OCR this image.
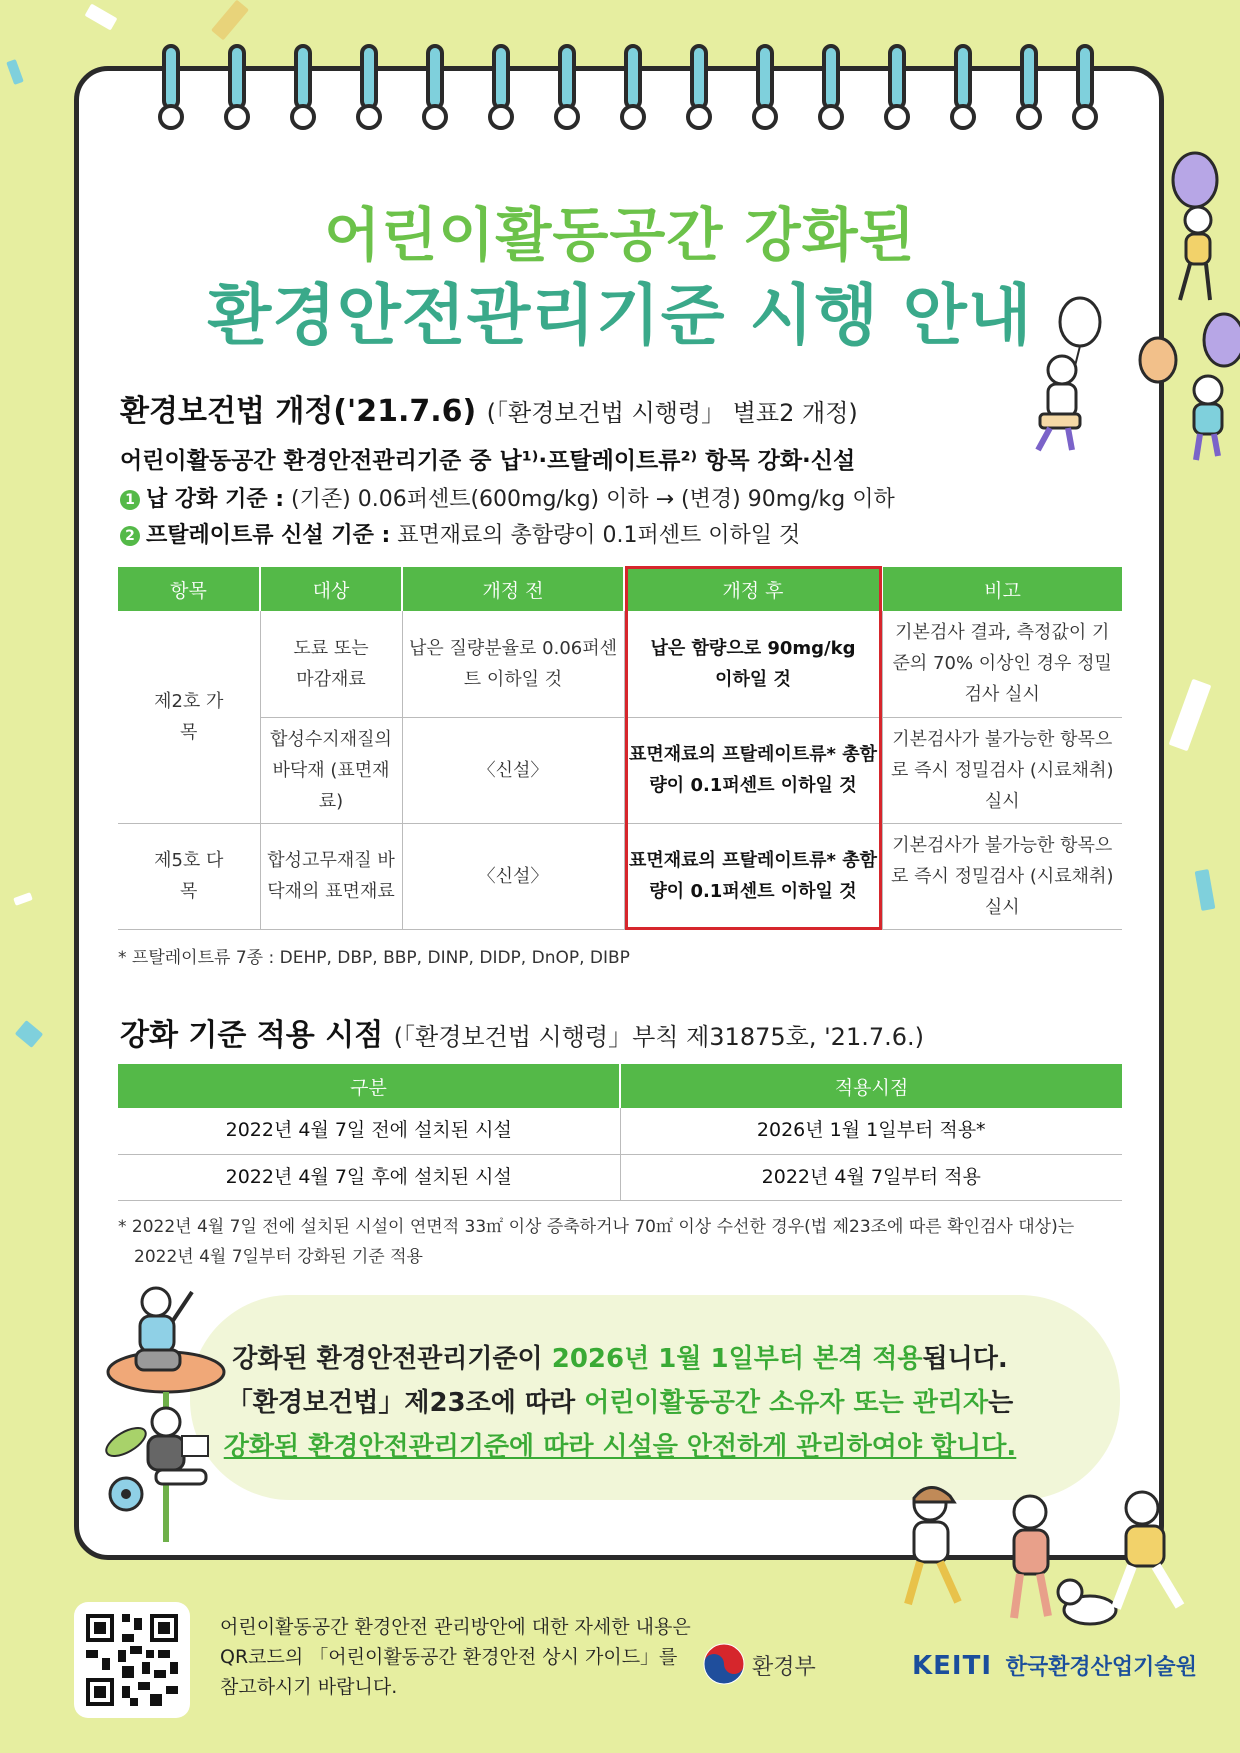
어린이활동공간 강화된
환경안전관리기준 시행 안내
환경보건법 개정('21.7.6) (「환경보건법 시행령」 별표2 개정)
어린이활동공간 환경안전관리기준 중 납¹⁾·프탈레이트류²⁾ 항목 강화·신설
1 납 강화 기준 : (기존) 0.06퍼센트(600mg/kg) 이하 → (변경) 90mg/kg 이하
2 프탈레이트류 신설 기준 : 표면재료의 총함량이 0.1퍼센트 이하일 것
항목	대상	개정 전	개정 후	비고
제2호 가목	도료 또는 마감재료	납은 질량분율로 0.06퍼센트 이하일 것	납은 함량으로 90mg/kg 이하일 것	기본검사 결과, 측정값이 기준의 70% 이상인 경우 정밀검사 실시
	합성수지재질의 바닥재 (표면재료)	〈신설〉	표면재료의 프탈레이트류* 총함량이 0.1퍼센트 이하일 것	기본검사가 불가능한 항목으로 즉시 정밀검사 (시료채취) 실시
제5호 다목	합성고무재질 바닥재의 표면재료	〈신설〉	표면재료의 프탈레이트류* 총함량이 0.1퍼센트 이하일 것	기본검사가 불가능한 항목으로 즉시 정밀검사 (시료채취) 실시
* 프탈레이트류 7종 : DEHP, DBP, BBP, DINP, DIDP, DnOP, DIBP
강화 기준 적용 시점 (「환경보건법 시행령」부칙 제31875호, '21.7.6.)
구분	적용시점
2022년 4월 7일 전에 설치된 시설	2026년 1월 1일부터 적용*
2022년 4월 7일 후에 설치된 시설	2022년 4월 7일부터 적용
* 2022년 4월 7일 전에 설치된 시설이 연면적 33㎡ 이상 증축하거나 70㎡ 이상 수선한 경우(법 제23조에 따른 확인검사 대상)는
2022년 4월 7일부터 강화된 기준 적용
강화된 환경안전관리기준이 2026년 1월 1일부터 본격 적용됩니다.
「환경보건법」제23조에 따라 어린이활동공간 소유자 또는 관리자는
강화된 환경안전관리기준에 따라 시설을 안전하게 관리하여야 합니다.
어린이활동공간 환경안전 관리방안에 대한 자세한 내용은
QR코드의 「어린이활동공간 환경안전 상시 가이드」를
참고하시기 바랍니다.
환경부	KEITI 한국환경산업기술원
